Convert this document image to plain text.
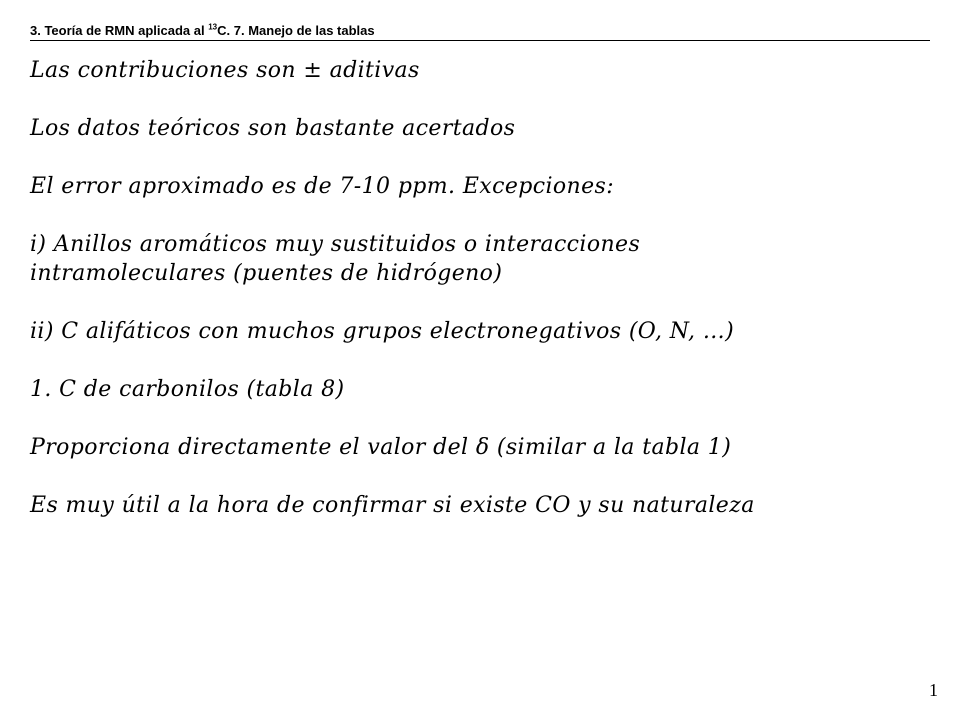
3. Teoría de RMN aplicada al $^{13}$C. 7. Manejo de las tablas

Las contribuciones son ± aditivas

Los datos teóricos son bastante acertados

El error aproximado es de 7-10 ppm. Excepciones:

i) Anillos aromáticos muy sustituidos o interacciones
intramoleculares (puentes de hidrógeno)

ii) C alifáticos con muchos grupos electronegativos (O, N, …)

1. C de carbonilos (tabla 8)

Proporciona directamente el valor del δ (similar a la tabla 1)

Es muy útil a la hora de confirmar si existe CO y su naturaleza

1
